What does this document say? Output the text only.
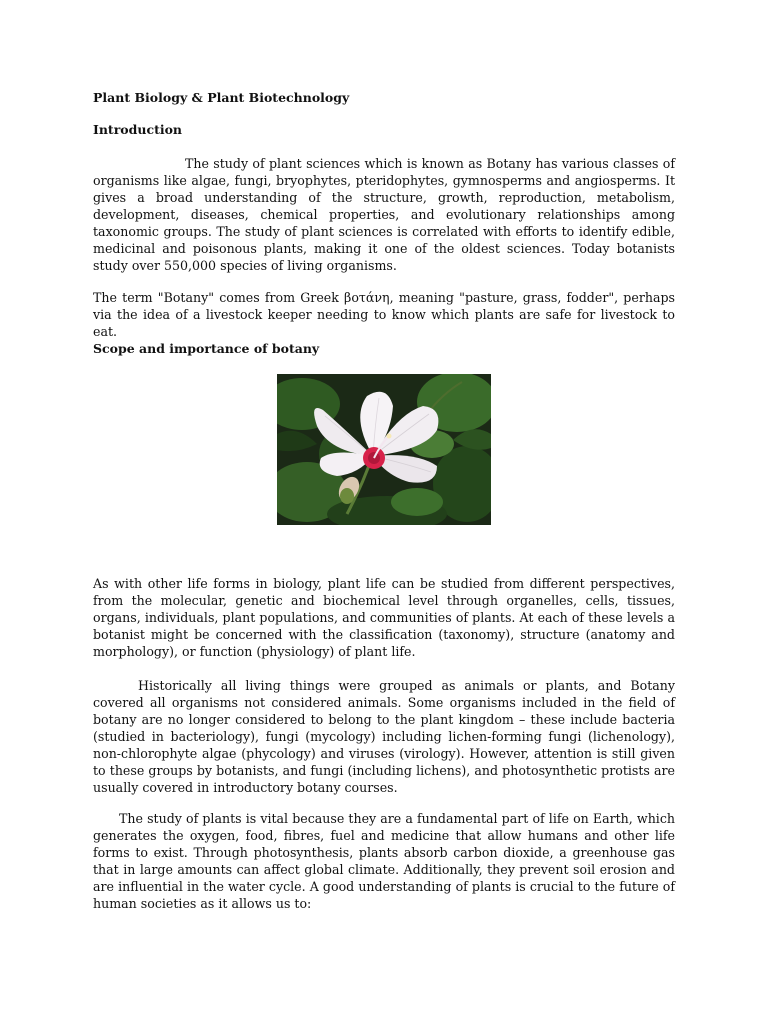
Plant Biology & Plant Biotechnology
Introduction

The study of plant sciences which is known as Botany has various classes of organisms like algae, fungi, bryophytes, pteridophytes, gymnosperms and angiosperms. It gives a broad understanding of the structure, growth, reproduction, metabolism, development, diseases, chemical properties, and evolutionary relationships among taxonomic groups. The study of plant sciences is correlated with efforts to identify edible, medicinal and poisonous plants, making it one of the oldest sciences. Today botanists study over 550,000 species of living organisms.

The term "Botany" comes from Greek βοτάνη, meaning "pasture, grass, fodder", perhaps via the idea of a livestock keeper needing to know which plants are safe for livestock to eat.

Scope and importance of botany

As with other life forms in biology, plant life can be studied from different perspectives, from the molecular, genetic and biochemical level through organelles, cells, tissues, organs, individuals, plant populations, and communities of plants. At each of these levels a botanist might be concerned with the classification (taxonomy), structure (anatomy and morphology), or function (physiology) of plant life.

Historically all living things were grouped as animals or plants, and Botany covered all organisms not considered animals. Some organisms included in the field of botany are no longer considered to belong to the plant kingdom – these include bacteria (studied in bacteriology), fungi (mycology) including lichen-forming fungi (lichenology), non-chlorophyte algae (phycology) and viruses (virology). However, attention is still given to these groups by botanists, and fungi (including lichens), and photosynthetic protists are usually covered in introductory botany courses.

The study of plants is vital because they are a fundamental part of life on Earth, which generates the oxygen, food, fibres, fuel and medicine that allow humans and other life forms to exist. Through photosynthesis, plants absorb carbon dioxide, a greenhouse gas that in large amounts can affect global climate. Additionally, they prevent soil erosion and are influential in the water cycle. A good understanding of plants is crucial to the future of human societies as it allows us to:
